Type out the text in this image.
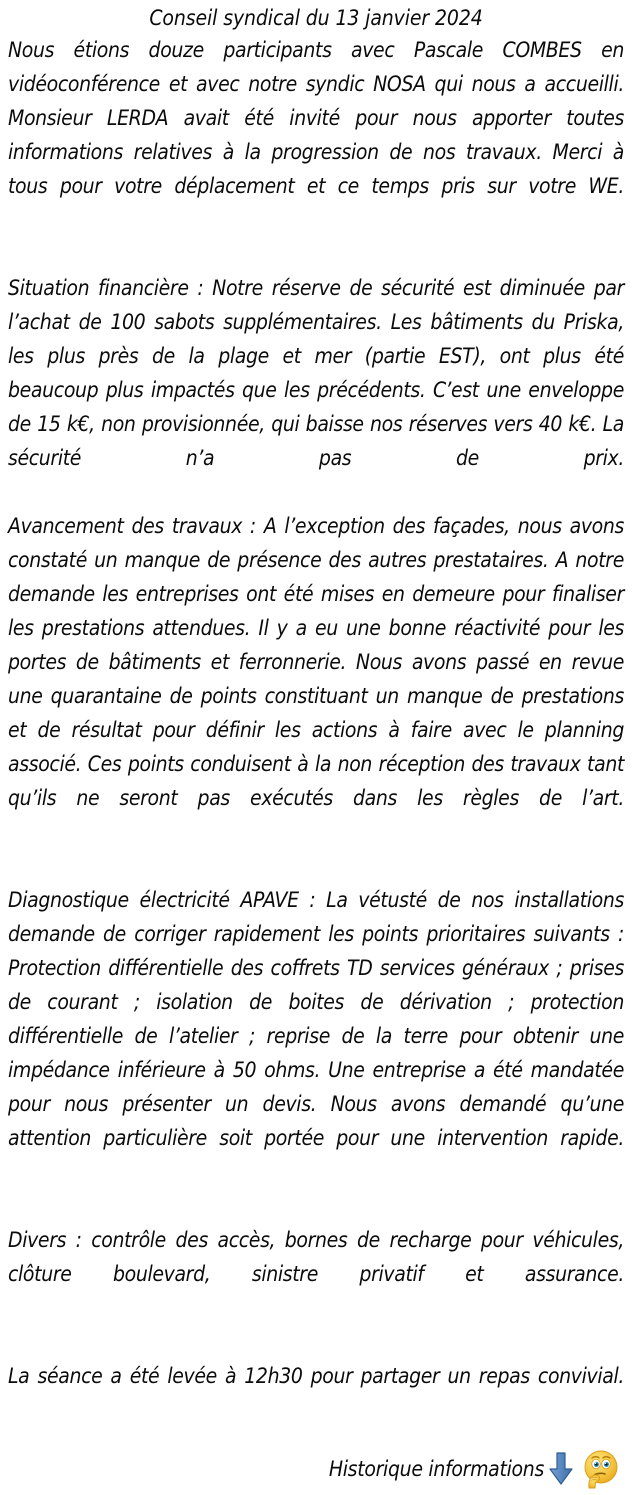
Conseil syndical du 13 janvier 2024

Nous étions douze participants avec Pascale COMBES en vidéoconférence et avec notre syndic NOSA qui nous a accueilli. Monsieur LERDA avait été invité pour nous apporter toutes informations relatives à la progression de nos travaux. Merci à tous pour votre déplacement et ce temps pris sur votre WE.

Situation financière : Notre réserve de sécurité est diminuée par l’achat de 100 sabots supplémentaires. Les bâtiments du Priska, les plus près de la plage et mer (partie EST), ont plus été beaucoup plus impactés que les précédents. C’est une enveloppe de 15 k€, non provisionnée, qui baisse nos réserves vers 40 k€. La sécurité n’a pas de prix.

Avancement des travaux : A l’exception des façades, nous avons constaté un manque de présence des autres prestataires. A notre demande les entreprises ont été mises en demeure pour finaliser les prestations attendues. Il y a eu une bonne réactivité pour les portes de bâtiments et ferronnerie. Nous avons passé en revue une quarantaine de points constituant un manque de prestations et de résultat pour définir les actions à faire avec le planning associé. Ces points conduisent à la non réception des travaux tant qu’ils ne seront pas exécutés dans les règles de l’art.

Diagnostique électricité APAVE : La vétusté de nos installations demande de corriger rapidement les points prioritaires suivants : Protection différentielle des coffrets TD services généraux ; prises de courant ; isolation de boites de dérivation ; protection différentielle de l’atelier ; reprise de la terre pour obtenir une impédance inférieure à 50 ohms. Une entreprise a été mandatée pour nous présenter un devis. Nous avons demandé qu’une attention particulière soit portée pour une intervention rapide.

Divers : contrôle des accès, bornes de recharge pour véhicules, clôture boulevard, sinistre privatif et assurance.

La séance a été levée à 12h30 pour partager un repas convivial.

Historique informations
